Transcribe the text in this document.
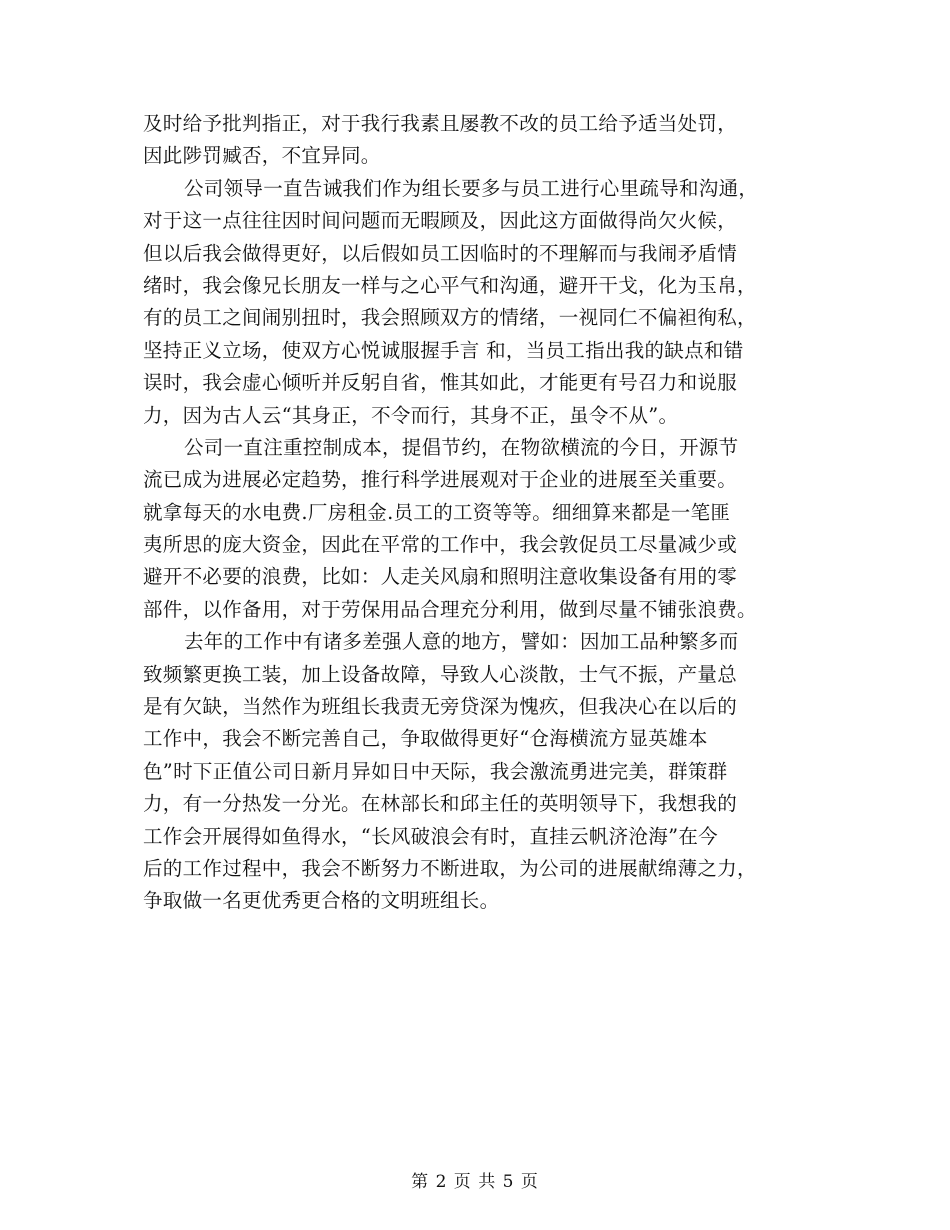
及时给予批判指正，对于我行我素且屡教不改的员工给予适当处罚，
因此陟罚臧否，不宜异同。
公司领导一直告诫我们作为组长要多与员工进行心里疏导和沟通，
对于这一点往往因时间问题而无暇顾及，因此这方面做得尚欠火候，
但以后我会做得更好，以后假如员工因临时的不理解而与我闹矛盾情
绪时，我会像兄长朋友一样与之心平气和沟通，避开干戈，化为玉帛，
有的员工之间闹别扭时，我会照顾双方的情绪，一视同仁不偏袒徇私，
坚持正义立场，使双方心悦诚服握手言 和，当员工指出我的缺点和错
误时，我会虚心倾听并反躬自省，惟其如此，才能更有号召力和说服
力，因为古人云“其身正，不令而行，其身不正，虽令不从”。
公司一直注重控制成本，提倡节约，在物欲横流的今日，开源节
流已成为进展必定趋势，推行科学进展观对于企业的进展至关重要。
就拿每天的水电费.厂房租金.员工的工资等等。细细算来都是一笔匪
夷所思的庞大资金，因此在平常的工作中，我会敦促员工尽量减少或
避开不必要的浪费，比如：人走关风扇和照明注意收集设备有用的零
部件，以作备用，对于劳保用品合理充分利用，做到尽量不铺张浪费。
去年的工作中有诸多差强人意的地方，譬如：因加工品种繁多而
致频繁更换工装，加上设备故障，导致人心淡散，士气不振，产量总
是有欠缺，当然作为班组长我责无旁贷深为愧疚，但我决心在以后的
工作中，我会不断完善自己，争取做得更好“仓海横流方显英雄本
色”时下正值公司日新月异如日中天际，我会激流勇进完美，群策群
力，有一分热发一分光。在林部长和邱主任的英明领导下，我想我的
工作会开展得如鱼得水，“长风破浪会有时，直挂云帆济沧海”在今
后的工作过程中，我会不断努力不断进取，为公司的进展献绵薄之力，
争取做一名更优秀更合格的文明班组长。
第 2 页 共 5 页
